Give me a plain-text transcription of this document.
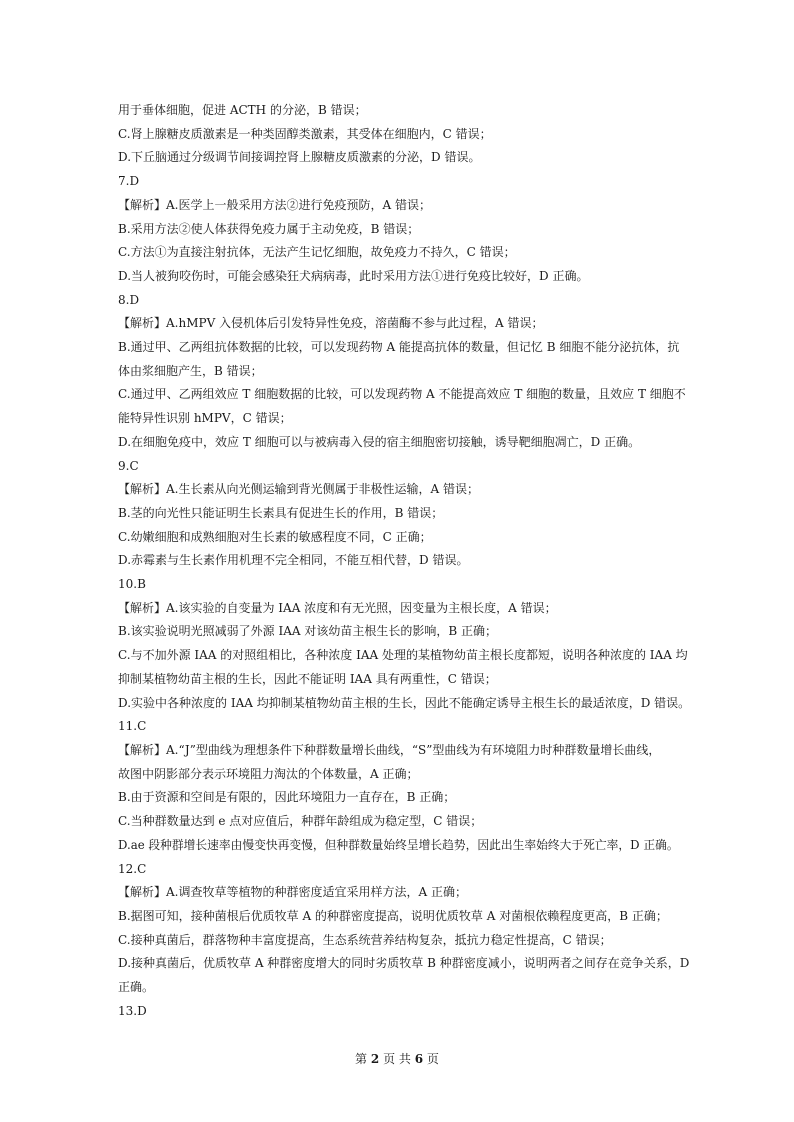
用于垂体细胞，促进 ACTH 的分泌，B 错误；
C.肾上腺糖皮质激素是一种类固醇类激素，其受体在细胞内，C 错误；
D.下丘脑通过分级调节间接调控肾上腺糖皮质激素的分泌，D 错误。
7.D
【解析】A.医学上一般采用方法②进行免疫预防，A 错误；
B.采用方法②使人体获得免疫力属于主动免疫，B 错误；
C.方法①为直接注射抗体，无法产生记忆细胞，故免疫力不持久，C 错误；
D.当人被狗咬伤时，可能会感染狂犬病病毒，此时采用方法①进行免疫比较好，D 正确。
8.D
【解析】A.hMPV 入侵机体后引发特异性免疫，溶菌酶不参与此过程，A 错误；
B.通过甲、乙两组抗体数据的比较，可以发现药物 A 能提高抗体的数量，但记忆 B 细胞不能分泌抗体，抗
体由浆细胞产生，B 错误；
C.通过甲、乙两组效应 T 细胞数据的比较，可以发现药物 A 不能提高效应 T 细胞的数量，且效应 T 细胞不
能特异性识别 hMPV，C 错误；
D.在细胞免疫中，效应 T 细胞可以与被病毒入侵的宿主细胞密切接触，诱导靶细胞凋亡，D 正确。
9.C
【解析】A.生长素从向光侧运输到背光侧属于非极性运输，A 错误；
B.茎的向光性只能证明生长素具有促进生长的作用，B 错误；
C.幼嫩细胞和成熟细胞对生长素的敏感程度不同，C 正确；
D.赤霉素与生长素作用机理不完全相同，不能互相代替，D 错误。
10.B
【解析】A.该实验的自变量为 IAA 浓度和有无光照，因变量为主根长度，A 错误；
B.该实验说明光照减弱了外源 IAA 对该幼苗主根生长的影响，B 正确；
C.与不加外源 IAA 的对照组相比，各种浓度 IAA 处理的某植物幼苗主根长度都短，说明各种浓度的 IAA 均
抑制某植物幼苗主根的生长，因此不能证明 IAA 具有两重性，C 错误；
D.实验中各种浓度的 IAA 均抑制某植物幼苗主根的生长，因此不能确定诱导主根生长的最适浓度，D 错误。
11.C
【解析】A.“J”型曲线为理想条件下种群数量增长曲线，“S”型曲线为有环境阻力时种群数量增长曲线，
故图中阴影部分表示环境阻力淘汰的个体数量，A 正确；
B.由于资源和空间是有限的，因此环境阻力一直存在，B 正确；
C.当种群数量达到 e 点对应值后，种群年龄组成为稳定型，C 错误；
D.ae 段种群增长速率由慢变快再变慢，但种群数量始终呈增长趋势，因此出生率始终大于死亡率，D 正确。
12.C
【解析】A.调查牧草等植物的种群密度适宜采用样方法，A 正确；
B.据图可知，接种菌根后优质牧草 A 的种群密度提高，说明优质牧草 A 对菌根依赖程度更高，B 正确；
C.接种真菌后，群落物种丰富度提高，生态系统营养结构复杂，抵抗力稳定性提高，C 错误；
D.接种真菌后，优质牧草 A 种群密度增大的同时劣质牧草 B 种群密度减小，说明两者之间存在竞争关系，D
正确。
13.D
第 2 页 共 6 页
